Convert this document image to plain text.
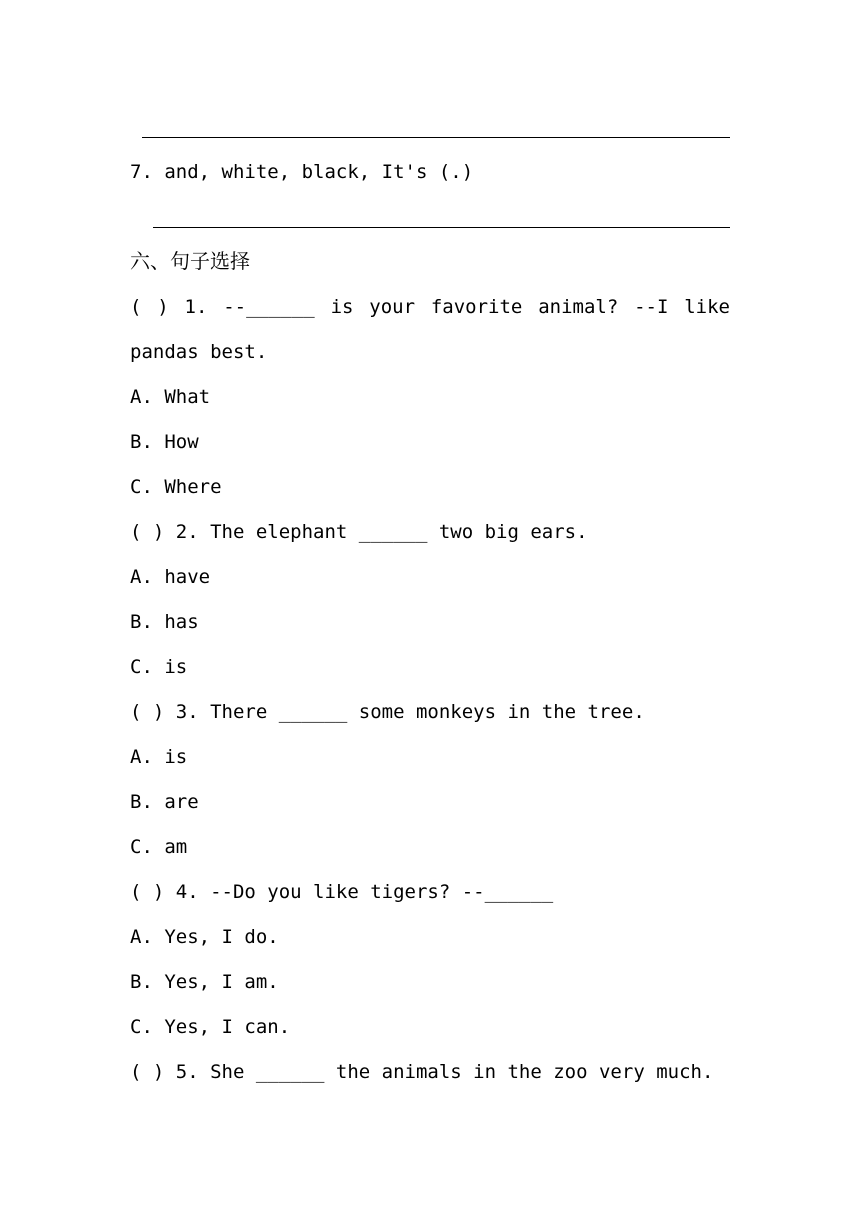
7. and, white, black, It's (.)
六、句子选择
( ) 1. --______ is your favorite animal? --I like
pandas best.
A. What
B. How
C. Where
( ) 2. The elephant ______ two big ears.
A. have
B. has
C. is
( ) 3. There ______ some monkeys in the tree.
A. is
B. are
C. am
( ) 4. --Do you like tigers? --______
A. Yes, I do.
B. Yes, I am.
C. Yes, I can.
( ) 5. She ______ the animals in the zoo very much.
